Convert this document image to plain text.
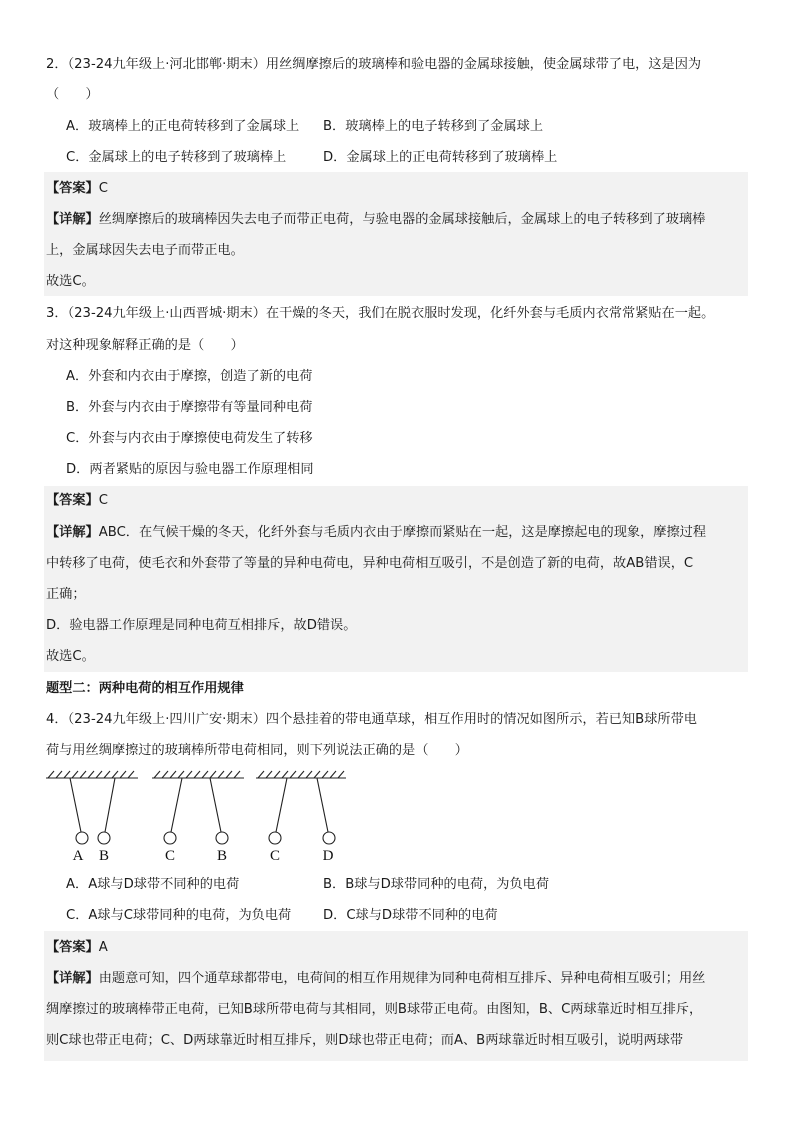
2．（23-24九年级上·河北邯郸·期末）用丝绸摩擦后的玻璃棒和验电器的金属球接触，使金属球带了电，这是因为
（　　）
A．玻璃棒上的正电荷转移到了金属球上	B．玻璃棒上的电子转移到了金属球上
C．金属球上的电子转移到了玻璃棒上	D．金属球上的正电荷转移到了玻璃棒上
【答案】C
【详解】丝绸摩擦后的玻璃棒因失去电子而带正电荷，与验电器的金属球接触后，金属球上的电子转移到了玻璃棒
上，金属球因失去电子而带正电。
故选C。
3．（23-24九年级上·山西晋城·期末）在干燥的冬天，我们在脱衣服时发现，化纤外套与毛质内衣常常紧贴在一起。
对这种现象解释正确的是（　　）
A．外套和内衣由于摩擦，创造了新的电荷
B．外套与内衣由于摩擦带有等量同种电荷
C．外套与内衣由于摩擦使电荷发生了转移
D．两者紧贴的原因与验电器工作原理相同
【答案】C
【详解】ABC．在气候干燥的冬天，化纤外套与毛质内衣由于摩擦而紧贴在一起，这是摩擦起电的现象，摩擦过程
中转移了电荷，使毛衣和外套带了等量的异种电荷电，异种电荷相互吸引，不是创造了新的电荷，故AB错误，C
正确；
D．验电器工作原理是同种电荷互相排斥，故D错误。
故选C。
题型二：两种电荷的相互作用规律
4．（23-24九年级上·四川广安·期末）四个悬挂着的带电通草球，相互作用时的情况如图所示，若已知B球所带电
荷与用丝绸摩擦过的玻璃棒所带电荷相同，则下列说法正确的是（　　）
A B	C	B	C	D
A．A球与D球带不同种的电荷	B．B球与D球带同种的电荷，为负电荷
C．A球与C球带同种的电荷，为负电荷	D．C球与D球带不同种的电荷
【答案】A
【详解】由题意可知，四个通草球都带电，电荷间的相互作用规律为同种电荷相互排斥、异种电荷相互吸引；用丝
绸摩擦过的玻璃棒带正电荷，已知B球所带电荷与其相同，则B球带正电荷。由图知，B、C两球靠近时相互排斥，
则C球也带正电荷；C、D两球靠近时相互排斥，则D球也带正电荷；而A、B两球靠近时相互吸引，说明两球带
